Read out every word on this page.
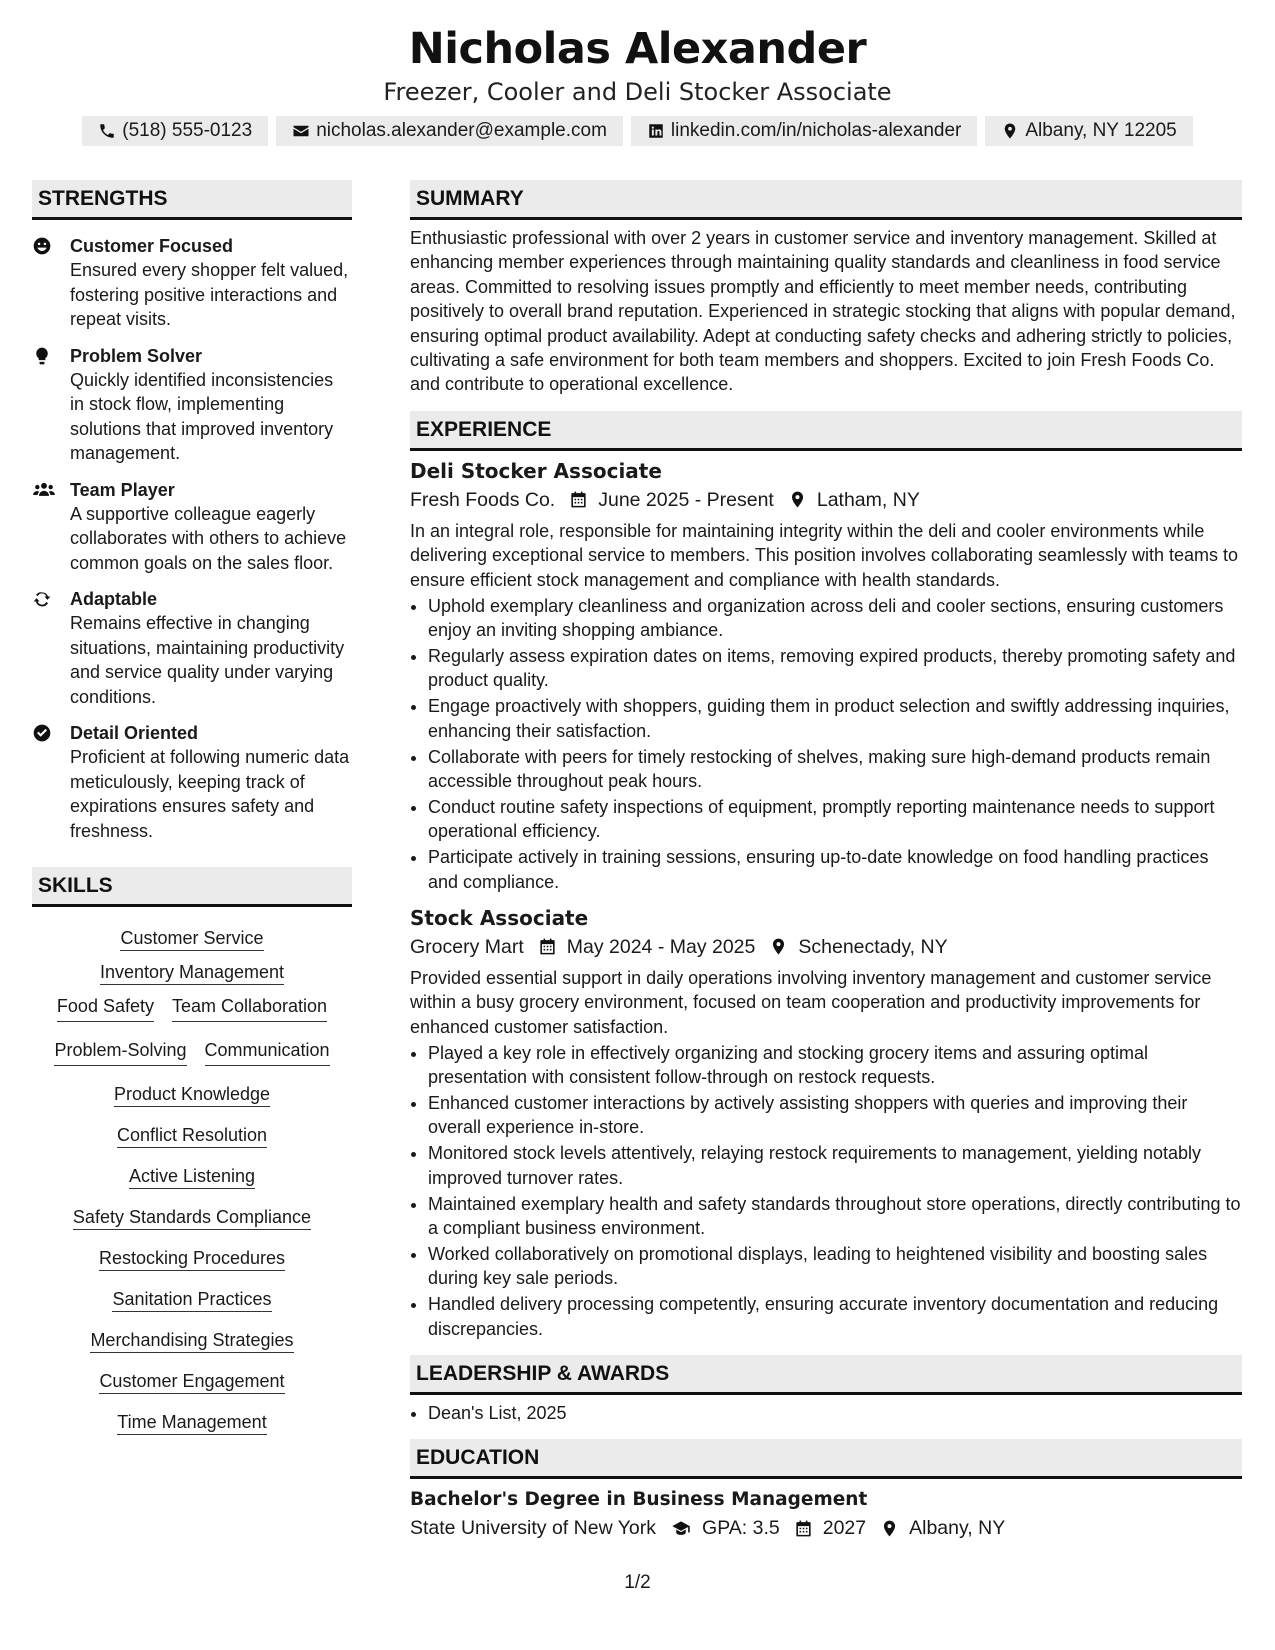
Nicholas Alexander
Freezer, Cooler and Deli Stocker Associate
(518) 555-0123	nicholas.alexander@example.com	linkedin.com/in/nicholas-alexander	Albany, NY 12205
STRENGTHS
Customer Focused
Ensured every shopper felt valued, fostering positive interactions and repeat visits.
Problem Solver
Quickly identified inconsistencies in stock flow, implementing solutions that improved inventory management.
Team Player
A supportive colleague eagerly collaborates with others to achieve common goals on the sales floor.
Adaptable
Remains effective in changing situations, maintaining productivity and service quality under varying conditions.
Detail Oriented
Proficient at following numeric data meticulously, keeping track of expirations ensures safety and freshness.
SKILLS
Customer Service
Inventory Management
Food Safety Team Collaboration
Problem-Solving Communication
Product Knowledge
Conflict Resolution
Active Listening
Safety Standards Compliance
Restocking Procedures
Sanitation Practices
Merchandising Strategies
Customer Engagement
Time Management
SUMMARY
Enthusiastic professional with over 2 years in customer service and inventory management. Skilled at enhancing member experiences through maintaining quality standards and cleanliness in food service areas. Committed to resolving issues promptly and efficiently to meet member needs, contributing positively to overall brand reputation. Experienced in strategic stocking that aligns with popular demand, ensuring optimal product availability. Adept at conducting safety checks and adhering strictly to policies, cultivating a safe environment for both team members and shoppers. Excited to join Fresh Foods Co. and contribute to operational excellence.
EXPERIENCE
Deli Stocker Associate
Fresh Foods Co. June 2025 - Present Latham, NY
In an integral role, responsible for maintaining integrity within the deli and cooler environments while delivering exceptional service to members. This position involves collaborating seamlessly with teams to ensure efficient stock management and compliance with health standards.
• Uphold exemplary cleanliness and organization across deli and cooler sections, ensuring customers enjoy an inviting shopping ambiance.
• Regularly assess expiration dates on items, removing expired products, thereby promoting safety and product quality.
• Engage proactively with shoppers, guiding them in product selection and swiftly addressing inquiries, enhancing their satisfaction.
• Collaborate with peers for timely restocking of shelves, making sure high-demand products remain accessible throughout peak hours.
• Conduct routine safety inspections of equipment, promptly reporting maintenance needs to support operational efficiency.
• Participate actively in training sessions, ensuring up-to-date knowledge on food handling practices and compliance.
Stock Associate
Grocery Mart May 2024 - May 2025 Schenectady, NY
Provided essential support in daily operations involving inventory management and customer service within a busy grocery environment, focused on team cooperation and productivity improvements for enhanced customer satisfaction.
• Played a key role in effectively organizing and stocking grocery items and assuring optimal presentation with consistent follow-through on restock requests.
• Enhanced customer interactions by actively assisting shoppers with queries and improving their overall experience in-store.
• Monitored stock levels attentively, relaying restock requirements to management, yielding notably improved turnover rates.
• Maintained exemplary health and safety standards throughout store operations, directly contributing to a compliant business environment.
• Worked collaboratively on promotional displays, leading to heightened visibility and boosting sales during key sale periods.
• Handled delivery processing competently, ensuring accurate inventory documentation and reducing discrepancies.
LEADERSHIP & AWARDS
• Dean's List, 2025
EDUCATION
Bachelor's Degree in Business Management
State University of New York GPA: 3.5 2027 Albany, NY
1/2
